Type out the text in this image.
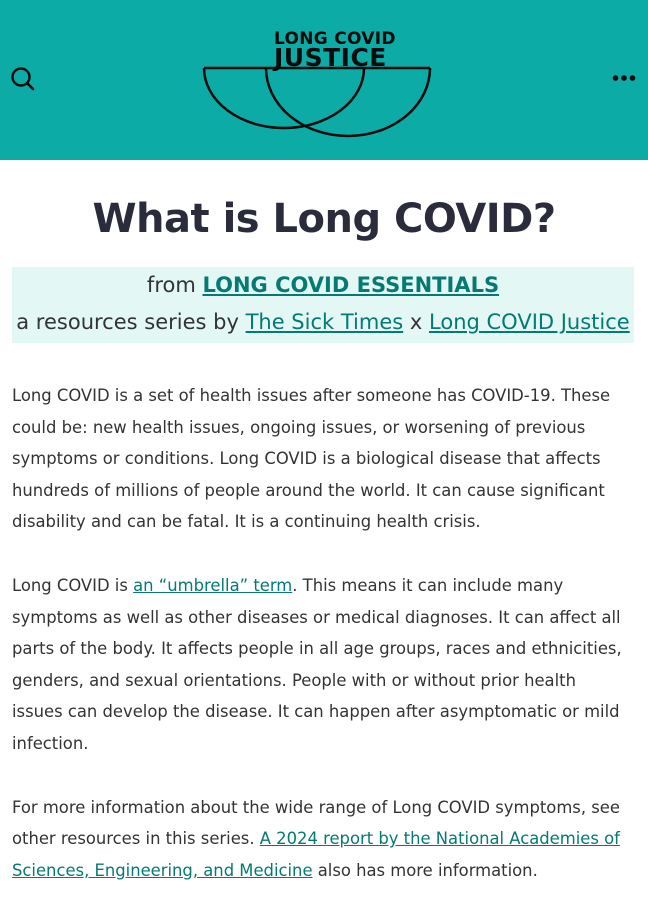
LONG COVID
JUSTICE
What is Long COVID?
from LONG COVID ESSENTIALS
a resources series by The Sick Times x Long COVID Justice

Long COVID is a set of health issues after someone has COVID-19. These could be: new health issues, ongoing issues, or worsening of previous symptoms or conditions. Long COVID is a biological disease that affects hundreds of millions of people around the world. It can cause significant disability and can be fatal. It is a continuing health crisis.

Long COVID is an “umbrella” term. This means it can include many symptoms as well as other diseases or medical diagnoses. It can affect all parts of the body. It affects people in all age groups, races and ethnicities, genders, and sexual orientations. People with or without prior health issues can develop the disease. It can happen after asymptomatic or mild infection.

For more information about the wide range of Long COVID symptoms, see other resources in this series. A 2024 report by the National Academies of Sciences, Engineering, and Medicine also has more information.
